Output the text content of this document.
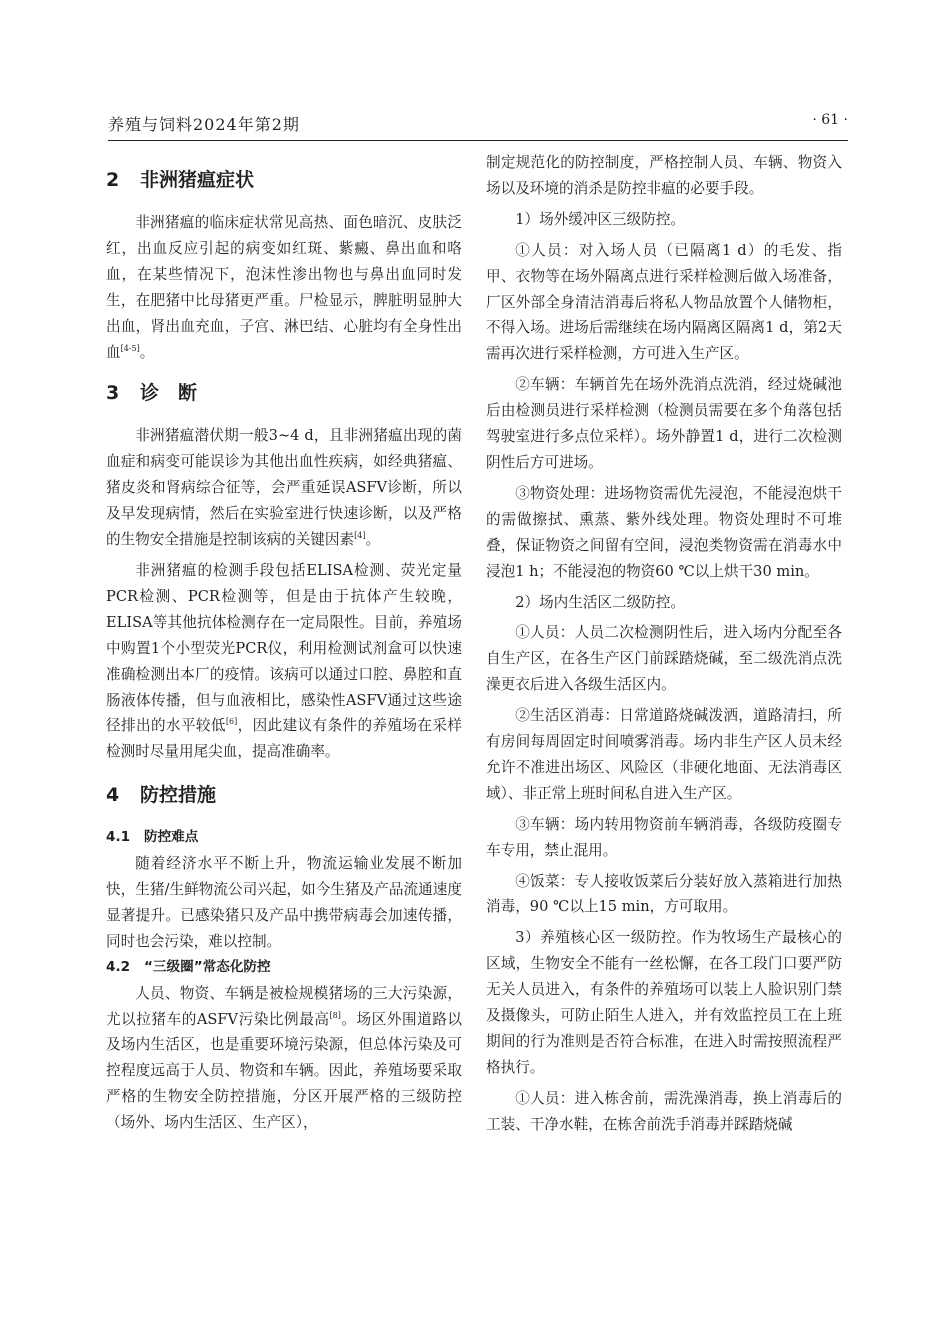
养殖与饲料2024年第2期	· 61 ·
2 非洲猪瘟症状

非洲猪瘟的临床症状常见高热、面色暗沉、皮肤泛红，出血反应引起的病变如红斑、紫癜、鼻出血和咯血，在某些情况下，泡沫性渗出物也与鼻出血同时发生，在肥猪中比母猪更严重。尸检显示，脾脏明显肿大出血，肾出血充血，子宫、淋巴结、心脏均有全身性出血[4-5]。

3 诊　断

非洲猪瘟潜伏期一般3~4 d，且非洲猪瘟出现的菌血症和病变可能误诊为其他出血性疾病，如经典猪瘟、猪皮炎和肾病综合征等，会严重延误ASFV诊断，所以及早发现病情，然后在实验室进行快速诊断，以及严格的生物安全措施是控制该病的关键因素[4]。

非洲猪瘟的检测手段包括ELISA检测、荧光定量PCR检测、PCR检测等，但是由于抗体产生较晚，ELISA等其他抗体检测存在一定局限性。目前，养殖场中购置1个小型荧光PCR仪，利用检测试剂盒可以快速准确检测出本厂的疫情。该病可以通过口腔、鼻腔和直肠液体传播，但与血液相比，感染性ASFV通过这些途径排出的水平较低[6]，因此建议有条件的养殖场在采样检测时尽量用尾尖血，提高准确率。

4 防控措施
4.1 防控难点

随着经济水平不断上升，物流运输业发展不断加快，生猪/生鲜物流公司兴起，如今生猪及产品流通速度显著提升。已感染猪只及产品中携带病毒会加速传播，同时也会污染，难以控制。

4.2 “三级圈”常态化防控

人员、物资、车辆是被检规模猪场的三大污染源，尤以拉猪车的ASFV污染比例最高[8]。场区外围道路以及场内生活区，也是重要环境污染源，但总体污染及可控程度远高于人员、物资和车辆。因此，养殖场要采取严格的生物安全防控措施，分区开展严格的三级防控（场外、场内生活区、生产区），

制定规范化的防控制度，严格控制人员、车辆、物资入场以及环境的消杀是防控非瘟的必要手段。

1）场外缓冲区三级防控。

①人员：对入场人员（已隔离1 d）的毛发、指甲、衣物等在场外隔离点进行采样检测后做入场准备，厂区外部全身清洁消毒后将私人物品放置个人储物柜，不得入场。进场后需继续在场内隔离区隔离1 d，第2天需再次进行采样检测，方可进入生产区。

②车辆：车辆首先在场外洗消点洗消，经过烧碱池后由检测员进行采样检测（检测员需要在多个角落包括驾驶室进行多点位采样）。场外静置1 d，进行二次检测阴性后方可进场。

③物资处理：进场物资需优先浸泡，不能浸泡烘干的需做擦拭、熏蒸、紫外线处理。物资处理时不可堆叠，保证物资之间留有空间，浸泡类物资需在消毒水中浸泡1 h；不能浸泡的物资60 ℃以上烘干30 min。

2）场内生活区二级防控。

①人员：人员二次检测阴性后，进入场内分配至各自生产区，在各生产区门前踩踏烧碱，至二级洗消点洗澡更衣后进入各级生活区内。

②生活区消毒：日常道路烧碱泼洒，道路清扫，所有房间每周固定时间喷雾消毒。场内非生产区人员未经允许不准进出场区、风险区（非硬化地面、无法消毒区域）、非正常上班时间私自进入生产区。

③车辆：场内转用物资前车辆消毒，各级防疫圈专车专用，禁止混用。

④饭菜：专人接收饭菜后分装好放入蒸箱进行加热消毒，90 ℃以上15 min，方可取用。

3）养殖核心区一级防控。作为牧场生产最核心的区域，生物安全不能有一丝松懈，在各工段门口要严防无关人员进入，有条件的养殖场可以装上人脸识别门禁及摄像头，可防止陌生人进入，并有效监控员工在上班期间的行为准则是否符合标准，在进入时需按照流程严格执行。

①人员：进入栋舍前，需洗澡消毒，换上消毒后的工装、干净水鞋，在栋舍前洗手消毒并踩踏烧碱
